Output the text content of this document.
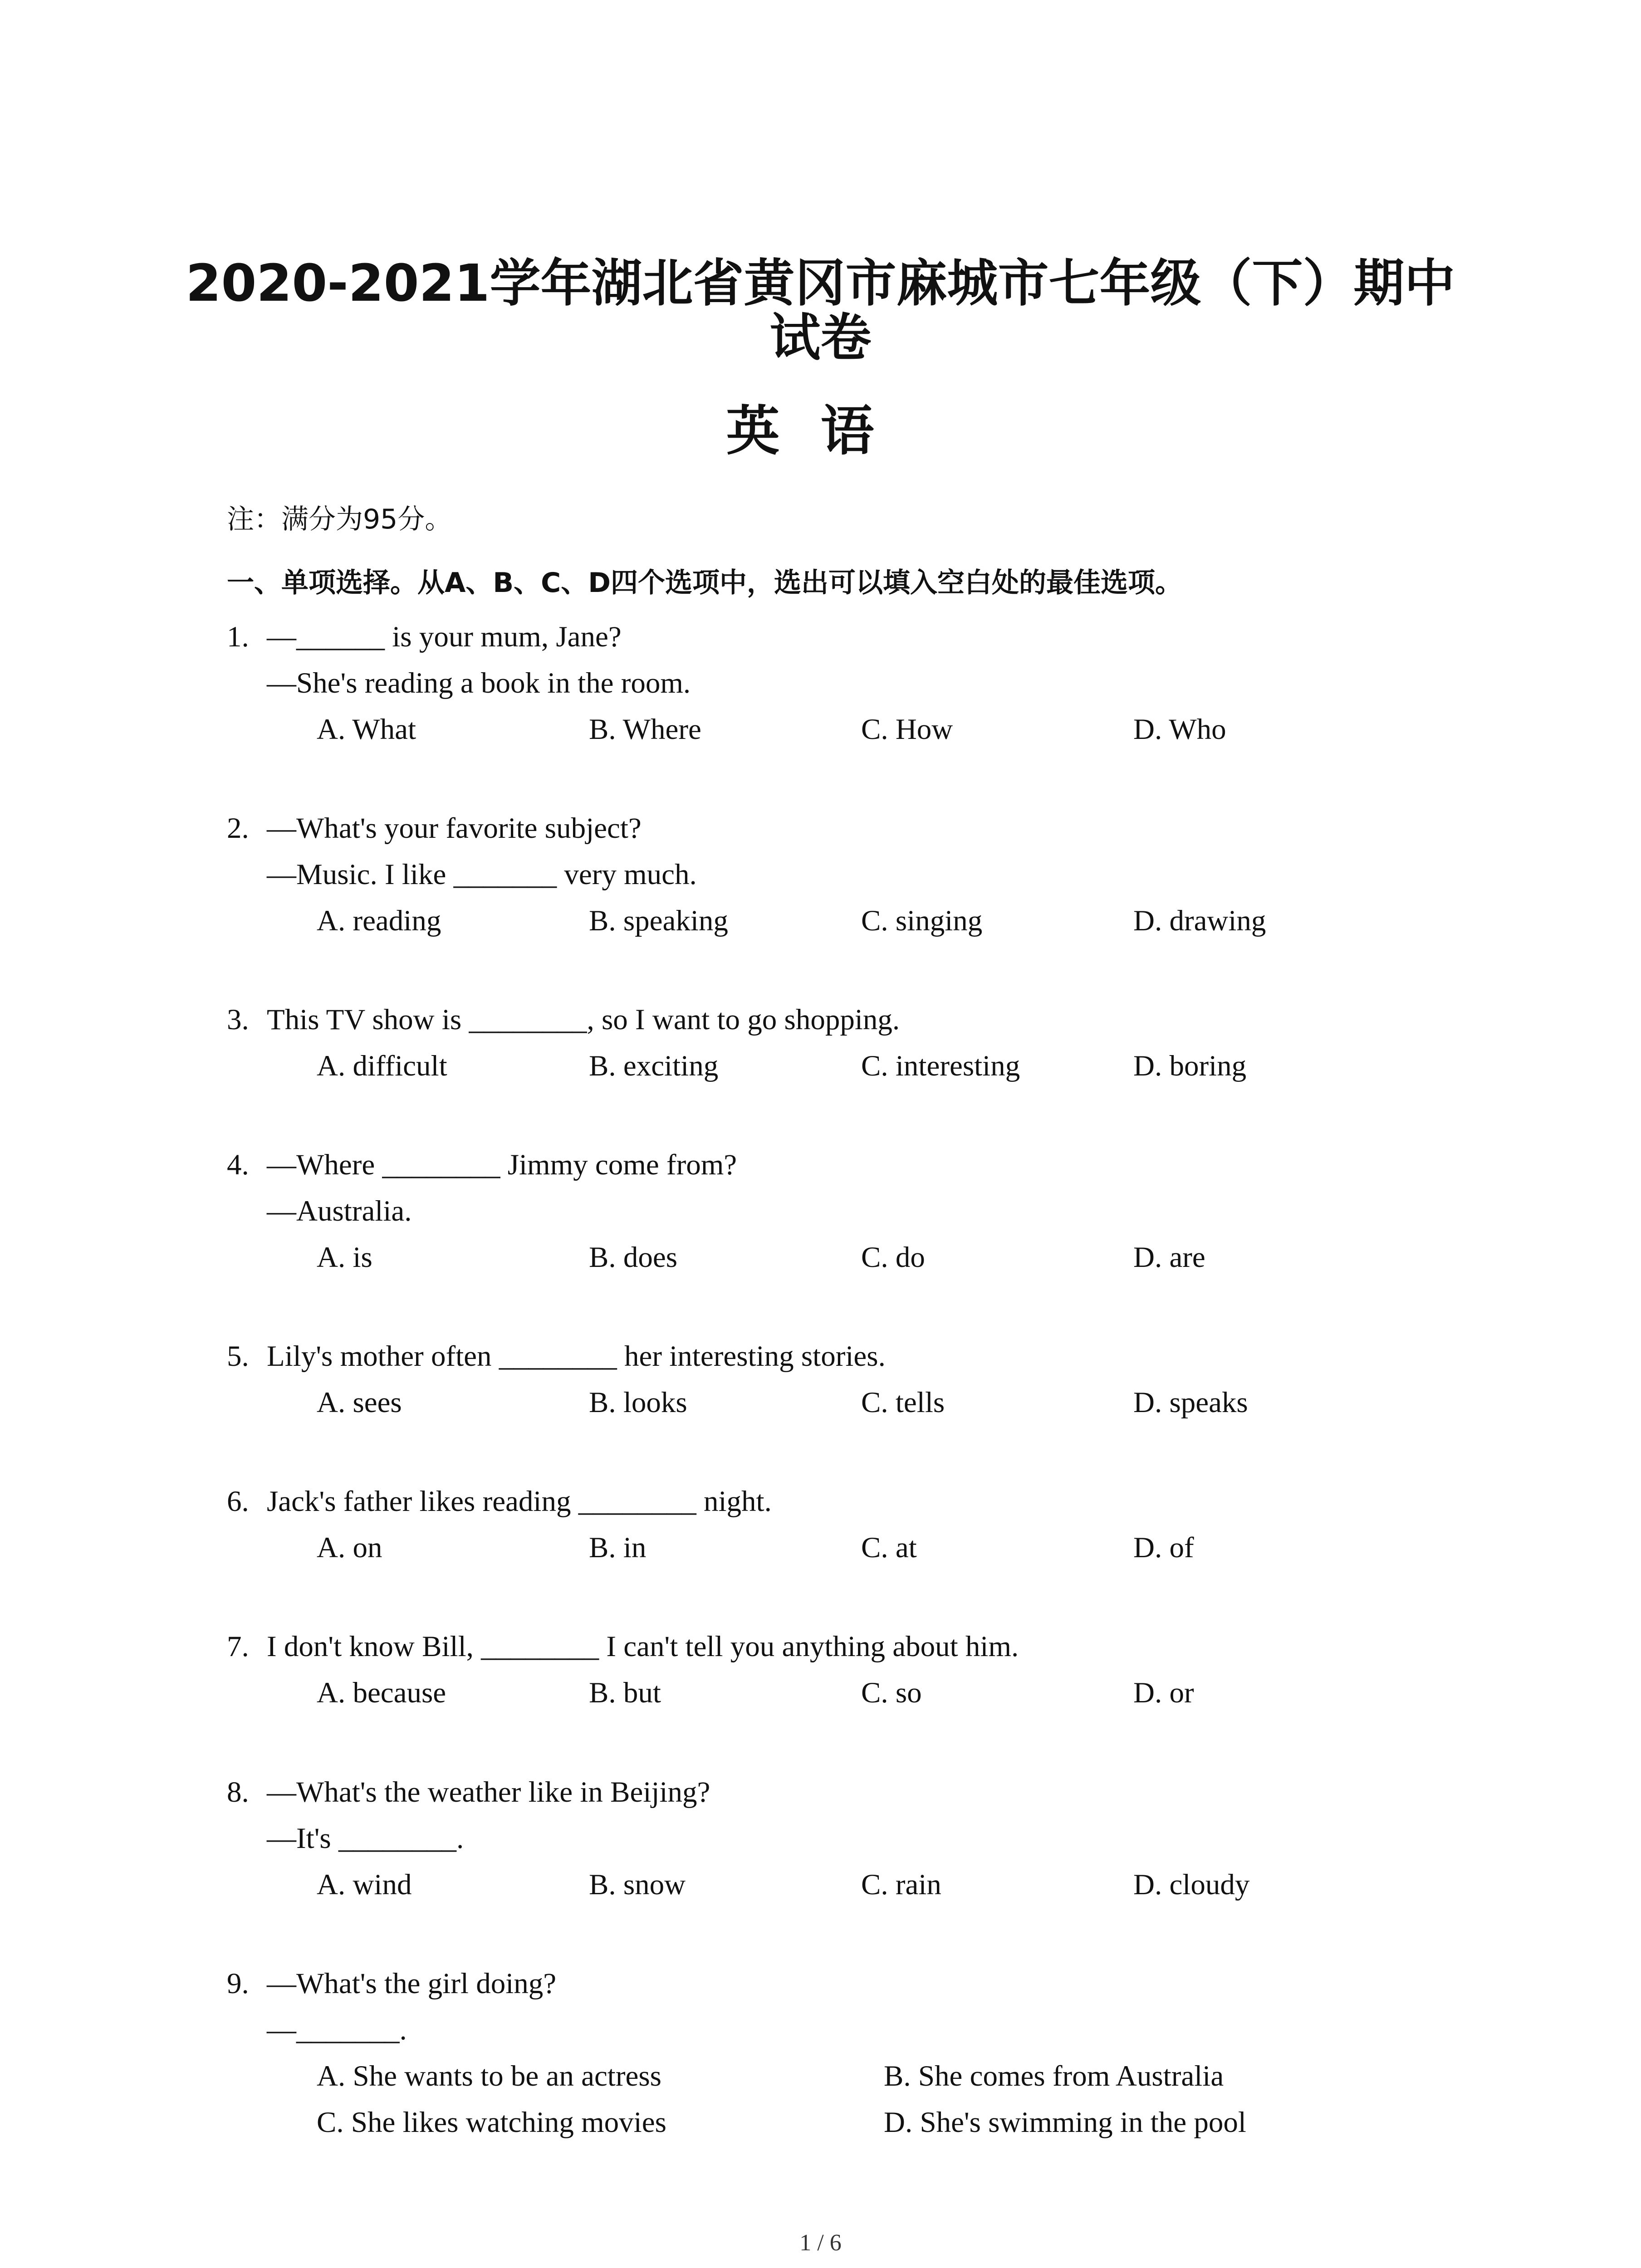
2020-2021学年湖北省黄冈市麻城市七年级（下）期中
试卷
英语
注：满分为95分。
一、单项选择。从A、B、C、D四个选项中，选出可以填入空白处的最佳选项。
1. —______ is your mum, Jane?
—She's reading a book in the room.
A. What	B. Where	C. How	D. Who
2. —What's your favorite subject?
—Music. I like _______ very much.
A. reading	B. speaking	C. singing	D. drawing
3. This TV show is ________, so I want to go shopping.
A. difficult	B. exciting	C. interesting	D. boring
4. —Where ________ Jimmy come from?
—Australia.
A. is	B. does	C. do	D. are
5. Lily's mother often ________ her interesting stories.
A. sees	B. looks	C. tells	D. speaks
6. Jack's father likes reading ________ night.
A. on	B. in	C. at	D. of
7. I don't know Bill, ________ I can't tell you anything about him.
A. because	B. but	C. so	D. or
8. —What's the weather like in Beijing?
—It's ________.
A. wind	B. snow	C. rain	D. cloudy
9. —What's the girl doing?
—_______.
A. She wants to be an actress	B. She comes from Australia
C. She likes watching movies	D. She's swimming in the pool
1 / 6
